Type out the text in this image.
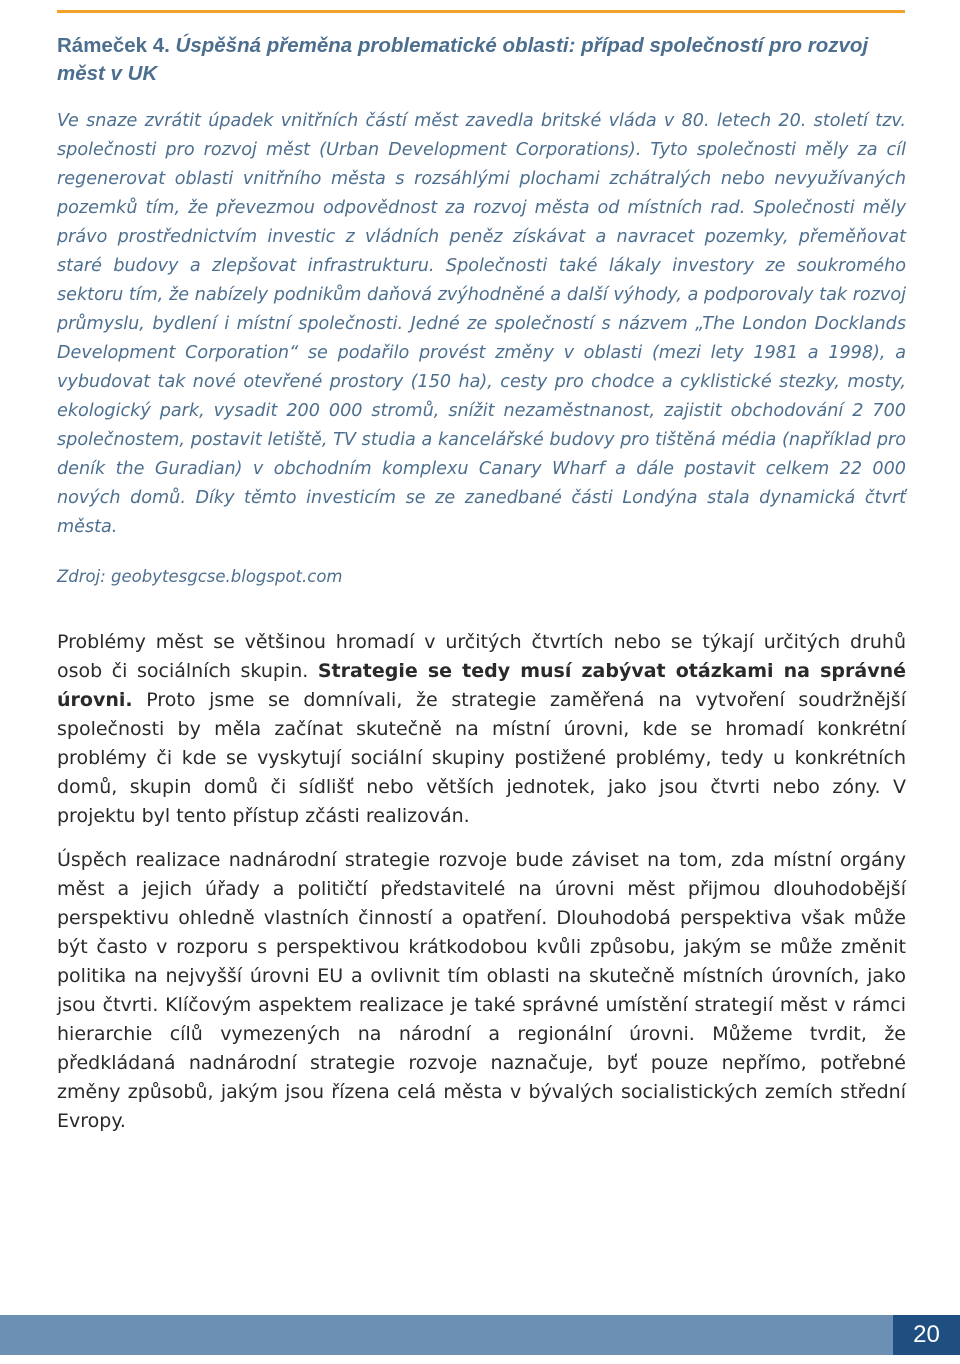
Rámeček 4. Úspěšná přeměna problematické oblasti: případ společností pro rozvoj měst v UK

Ve snaze zvrátit úpadek vnitřních částí měst zavedla britské vláda v 80. letech 20. století tzv. společnosti pro rozvoj měst (Urban Development Corporations). Tyto společnosti měly za cíl regenerovat oblasti vnitřního města s rozsáhlými plochami zchátralých nebo nevyužívaných pozemků tím, že převezmou odpovědnost za rozvoj města od místních rad. Společnosti měly právo prostřednictvím investic z vládních peněz získávat a navracet pozemky, přeměňovat staré budovy a zlepšovat infrastrukturu. Společnosti také lákaly investory ze soukromého sektoru tím, že nabízely podnikům daňová zvýhodněné a další výhody, a podporovaly tak rozvoj průmyslu, bydlení i místní společnosti. Jedné ze společností s názvem „The London Docklands Development Corporation“ se podařilo provést změny v oblasti (mezi lety 1981 a 1998), a vybudovat tak nové otevřené prostory (150 ha), cesty pro chodce a cyklistické stezky, mosty, ekologický park, vysadit 200 000 stromů, snížit nezaměstnanost, zajistit obchodování 2 700 společnostem, postavit letiště, TV studia a kancelářské budovy pro tištěná média (například pro deník the Guradian) v obchodním komplexu Canary Wharf a dále postavit celkem 22 000 nových domů. Díky těmto investicím se ze zanedbané části Londýna stala dynamická čtvrť města.

Zdroj: geobytesgcse.blogspot.com

Problémy měst se většinou hromadí v určitých čtvrtích nebo se týkají určitých druhů osob či sociálních skupin. Strategie se tedy musí zabývat otázkami na správné úrovni. Proto jsme se domnívali, že strategie zaměřená na vytvoření soudržnější společnosti by měla začínat skutečně na místní úrovni, kde se hromadí konkrétní problémy či kde se vyskytují sociální skupiny postižené problémy, tedy u konkrétních domů, skupin domů či sídlišť nebo větších jednotek, jako jsou čtvrti nebo zóny. V projektu byl tento přístup zčásti realizován.

Úspěch realizace nadnárodní strategie rozvoje bude záviset na tom, zda místní orgány měst a jejich úřady a političtí představitelé na úrovni měst přijmou dlouhodobější perspektivu ohledně vlastních činností a opatření. Dlouhodobá perspektiva však může být často v rozporu s perspektivou krátkodobou kvůli způsobu, jakým se může změnit politika na nejvyšší úrovni EU a ovlivnit tím oblasti na skutečně místních úrovních, jako jsou čtvrti. Klíčovým aspektem realizace je také správné umístění strategií měst v rámci hierarchie cílů vymezených na národní a regionální úrovni. Můžeme tvrdit, že předkládaná nadnárodní strategie rozvoje naznačuje, byť pouze nepřímo, potřebné změny způsobů, jakým jsou řízena celá města v bývalých socialistických zemích střední Evropy.

20
